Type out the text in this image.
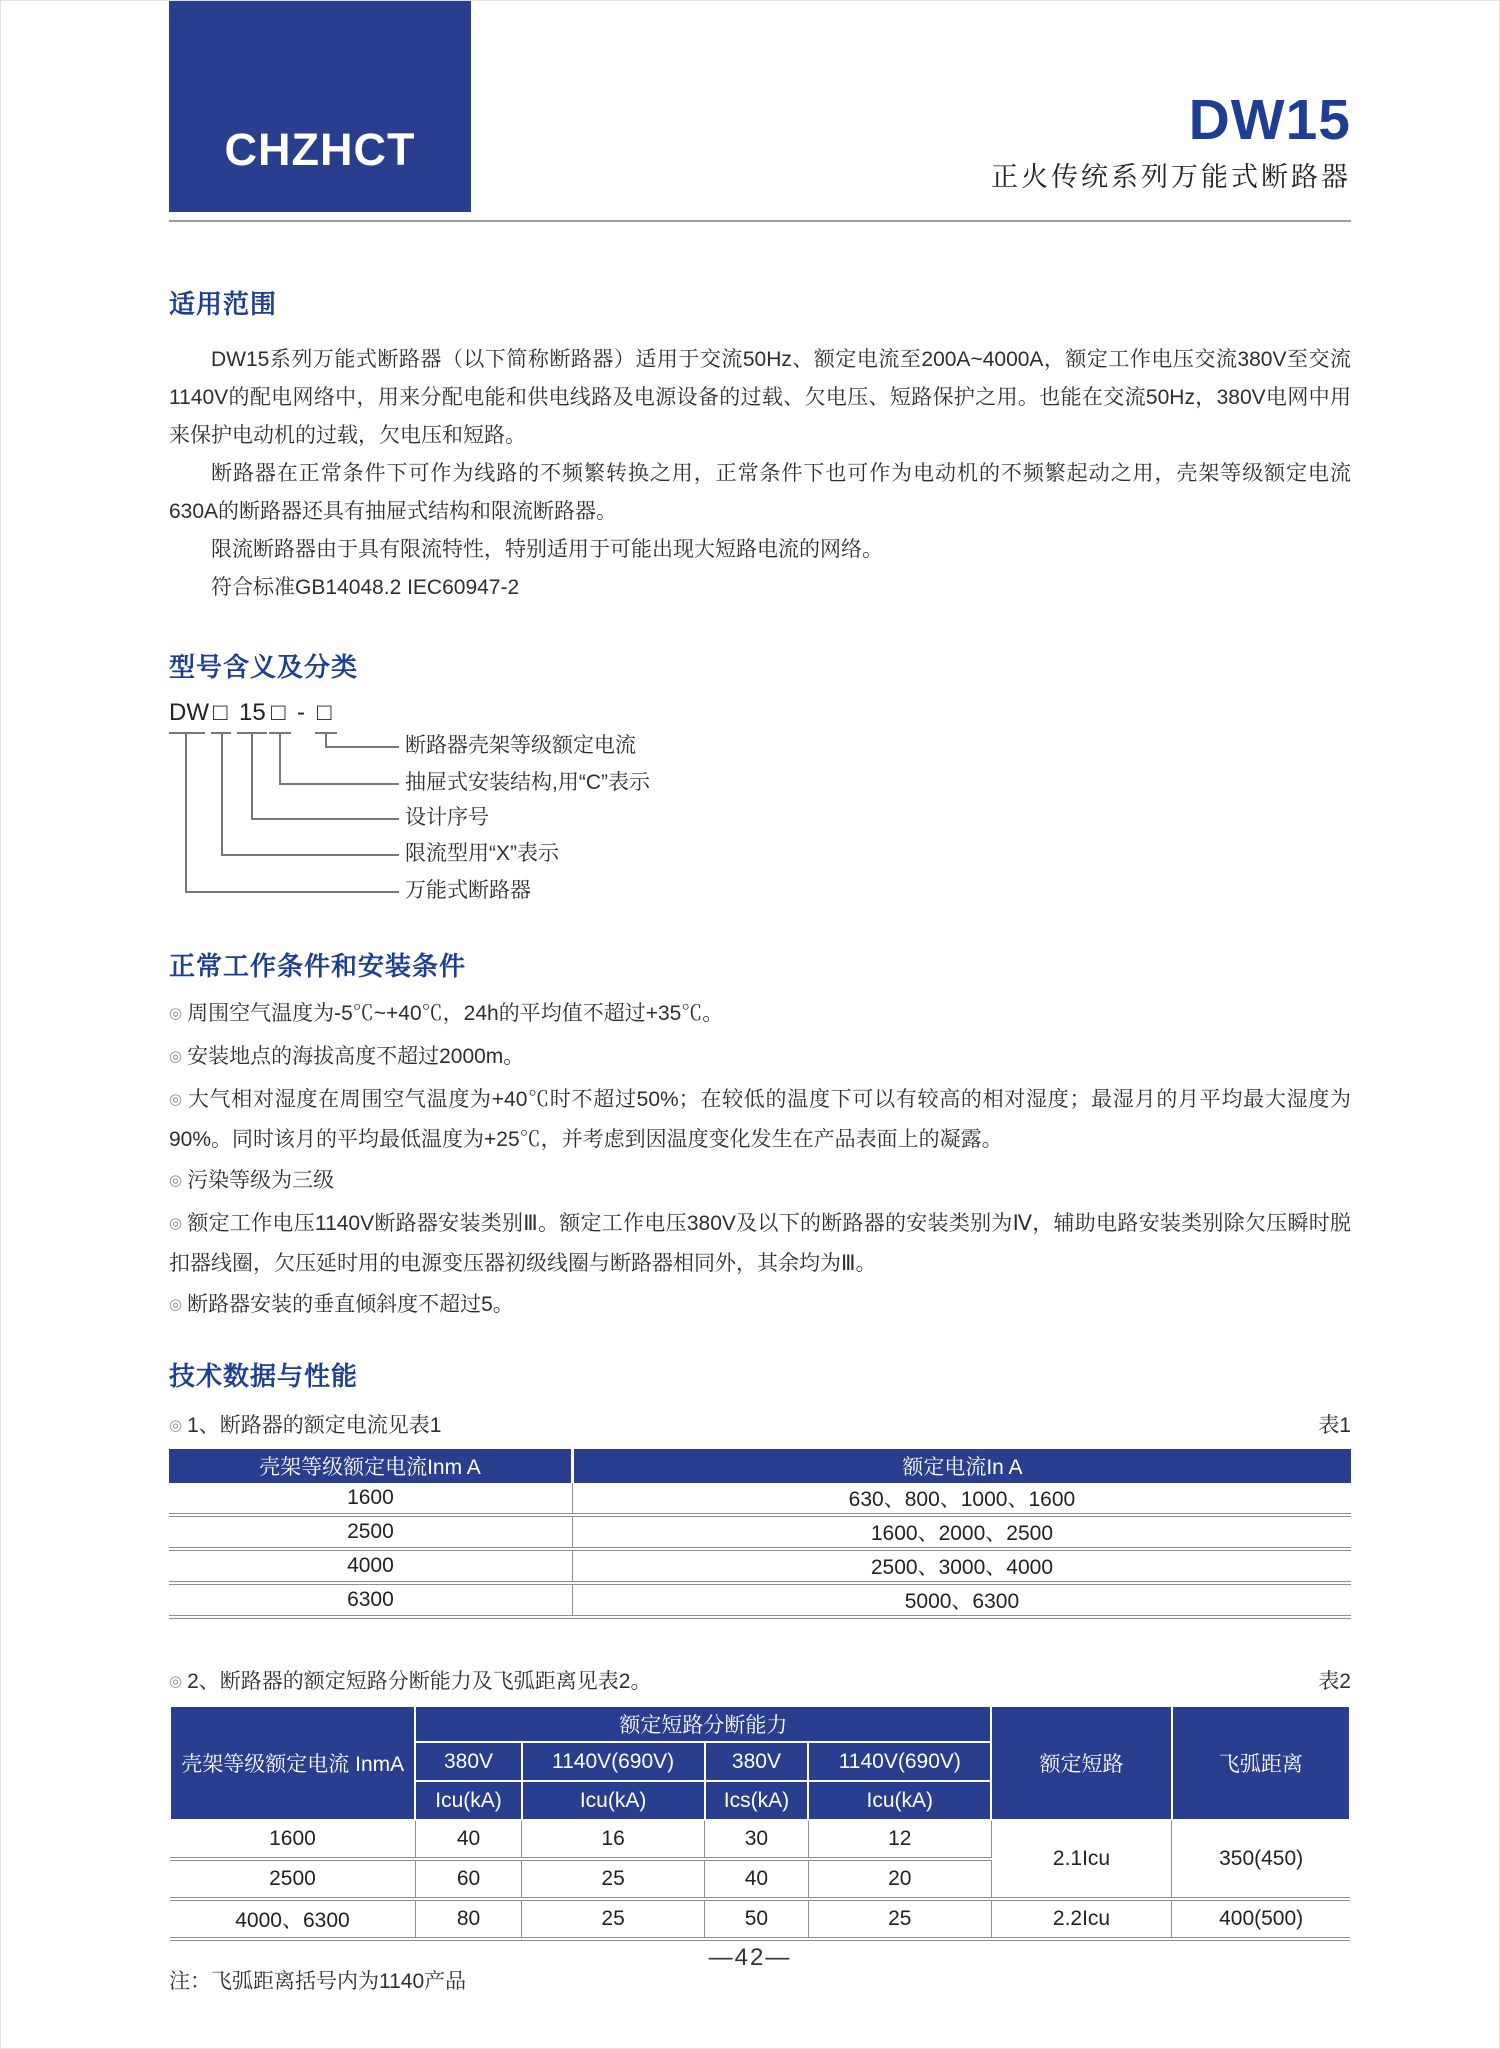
CHZHCT	DW15
正火传统系列万能式断路器
适用范围

DW15系列万能式断路器（以下简称断路器）适用于交流50Hz、额定电流至200A~4000A，额定工作电压交流380V至交流1140V的配电网络中，用来分配电能和供电线路及电源设备的过载、欠电压、短路保护之用。也能在交流50Hz，380V电网中用来保护电动机的过载，欠电压和短路。

断路器在正常条件下可作为线路的不频繁转换之用，正常条件下也可作为电动机的不频繁起动之用，壳架等级额定电流630A的断路器还具有抽屉式结构和限流断路器。

限流断路器由于具有限流特性，特别适用于可能出现大短路电流的网络。

符合标准GB14048.2 IEC60947-2

型号含义及分类
DW □ 15 □ - □
断路器壳架等级额定电流
抽屉式安装结构,用“C”表示
设计序号
限流型用“X”表示
万能式断路器
正常工作条件和安装条件

◎ 周围空气温度为-5℃~+40℃，24h的平均值不超过+35℃。

◎ 安装地点的海拔高度不超过2000m。

◎ 大气相对湿度在周围空气温度为+40℃时不超过50%；在较低的温度下可以有较高的相对湿度；最湿月的月平均最大湿度为90%。同时该月的平均最低温度为+25℃，并考虑到因温度变化发生在产品表面上的凝露。

◎ 污染等级为三级

◎ 额定工作电压1140V断路器安装类别Ⅲ。额定工作电压380V及以下的断路器的安装类别为Ⅳ，辅助电路安装类别除欠压瞬时脱扣器线圈，欠压延时用的电源变压器初级线圈与断路器相同外，其余均为Ⅲ。

◎ 断路器安装的垂直倾斜度不超过5。

技术数据与性能
◎ 1、断路器的额定电流见表1	表1
壳架等级额定电流Inm A	额定电流In A
1600	630、800、1000、1600
2500	1600、2000、2500
4000	2500、3000、4000
6300	5000、6300
◎ 2、断路器的额定短路分断能力及飞弧距离见表2。	表2
壳架等级额定电流 InmA	额定短路分断能力				额定短路	飞弧距离
	380V	1140V(690V)	380V	1140V(690V)		
	Icu(kA)	Icu(kA)	Ics(kA)	Icu(kA)		
1600	40	16	30	12	2.1Icu	350(450)
2500	60	25	40	20		
4000、6300	80	25	50	25	2.2Icu	400(500)
注：飞弧距离括号内为1140产品
—42—
